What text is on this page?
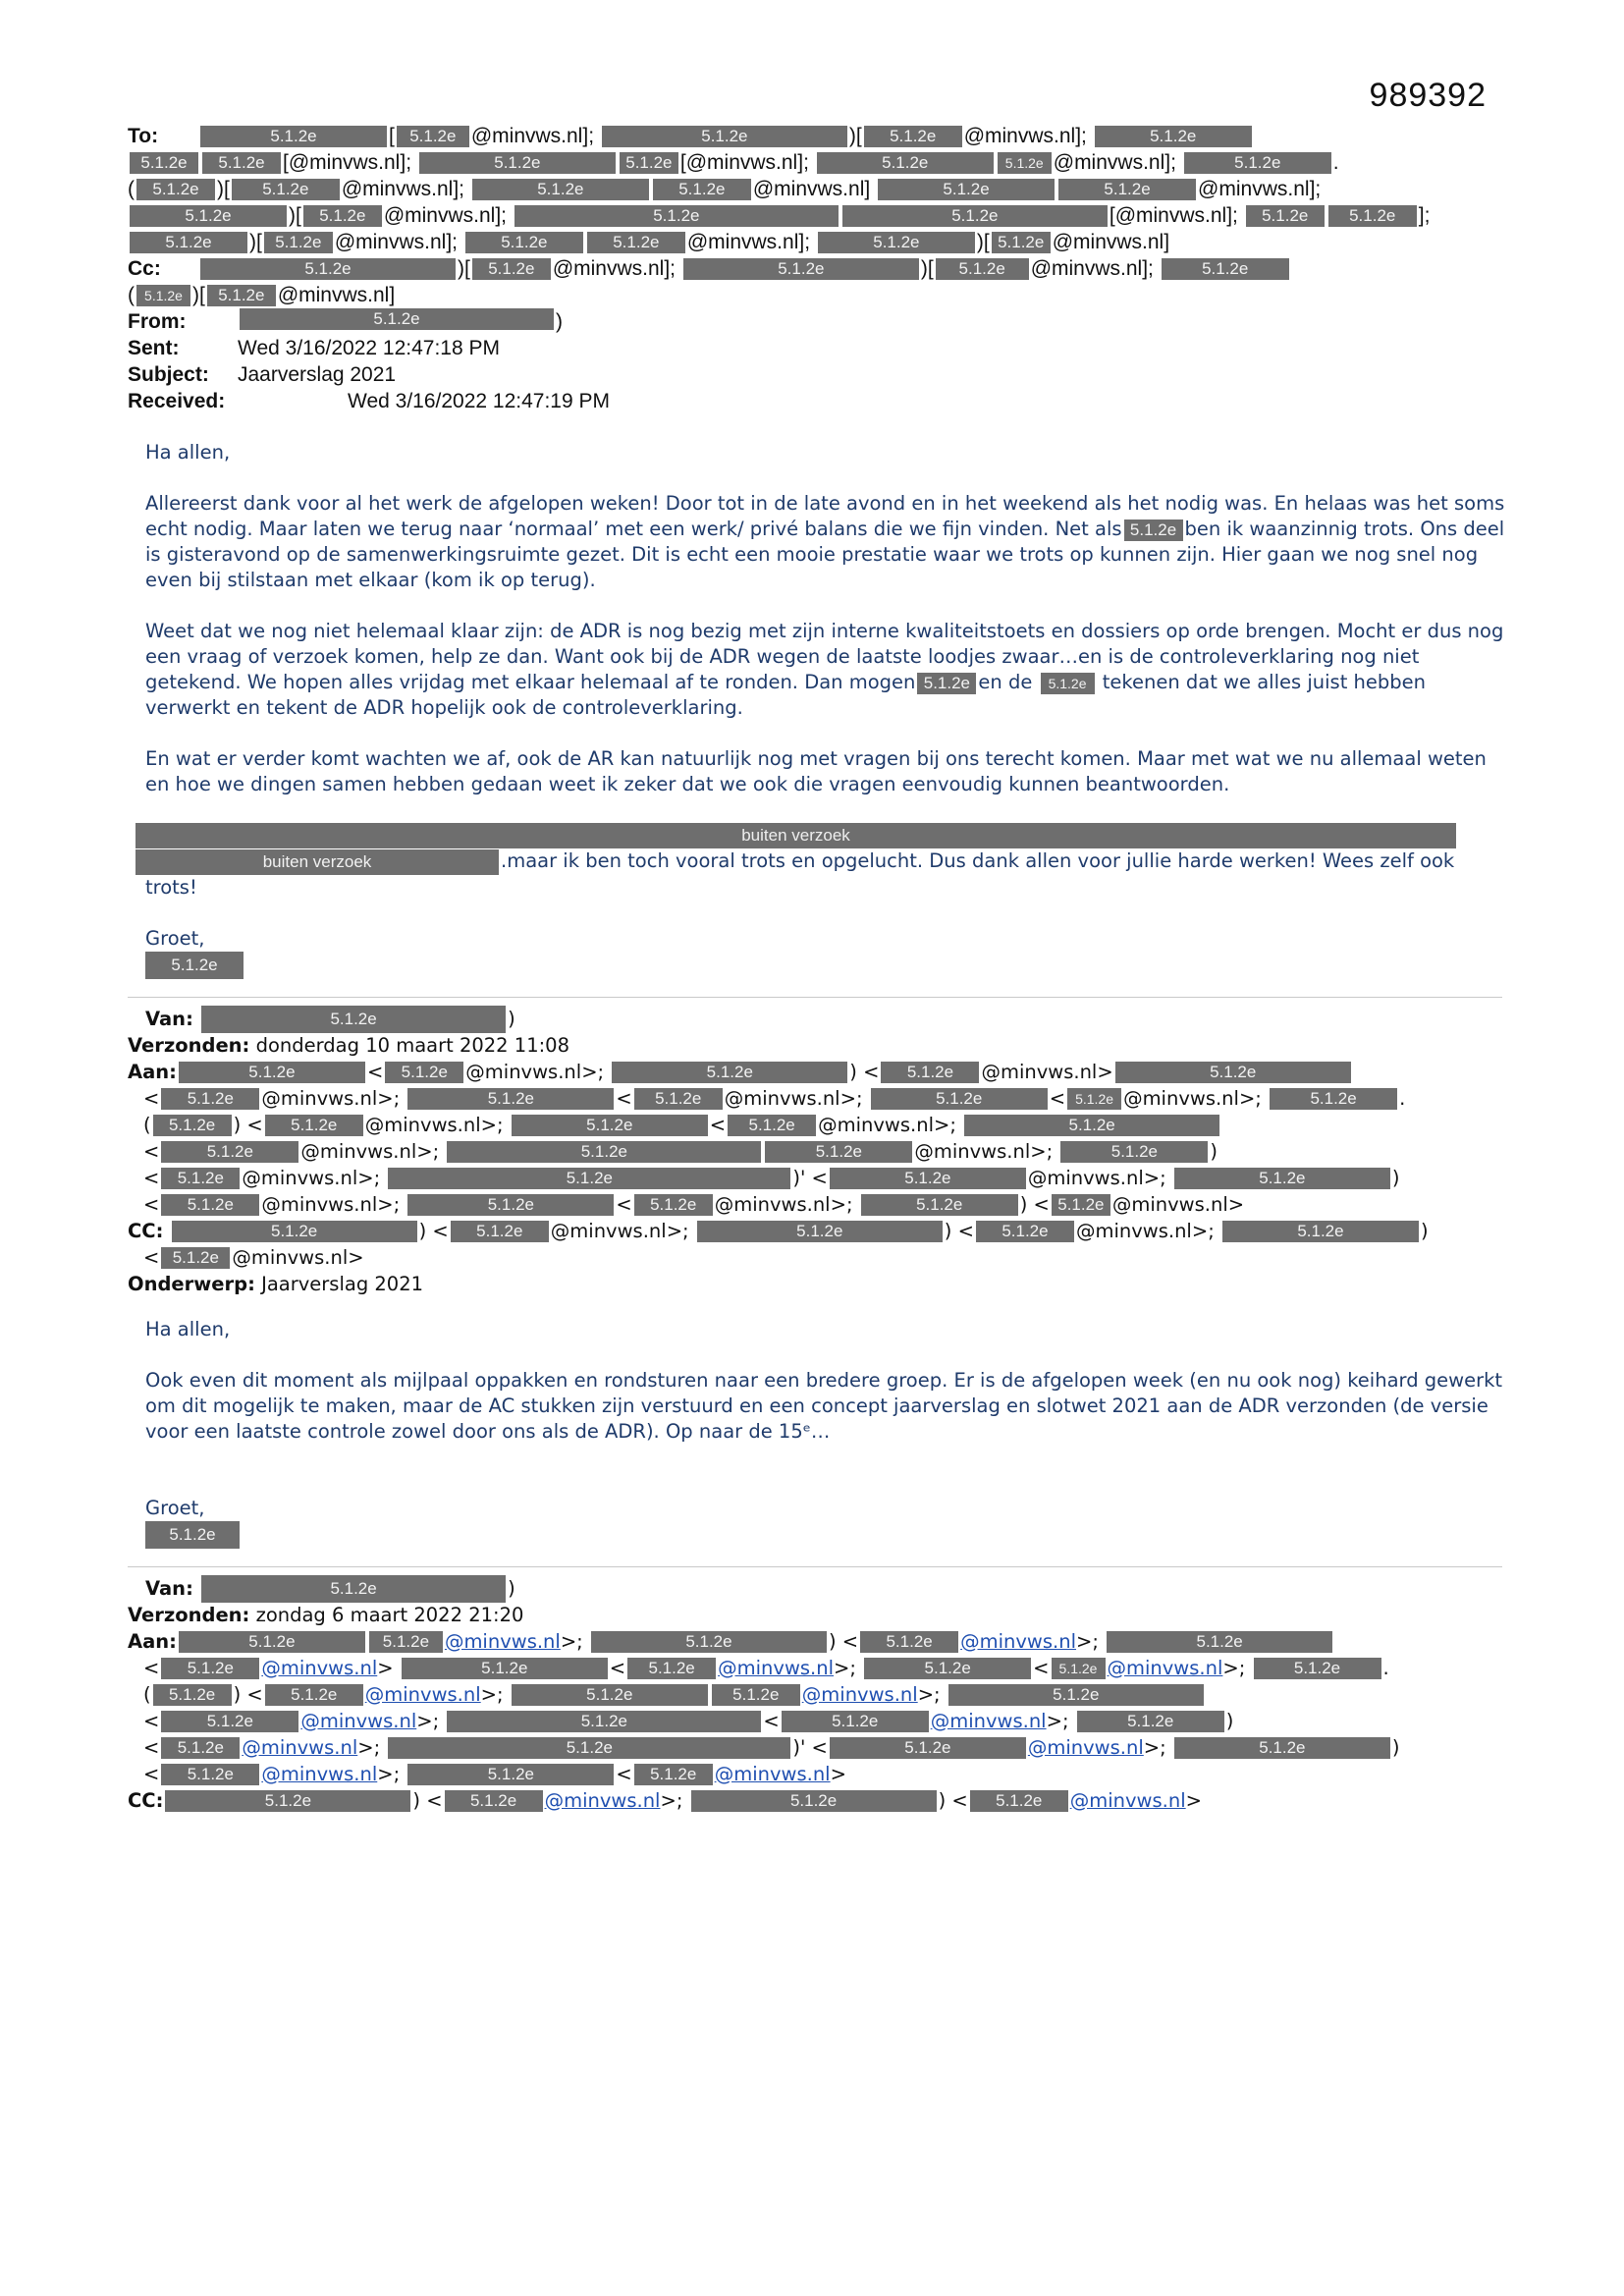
989392
To:	5.1.2e	[ 5.1.2e @minvws.nl];	5.1.2e	)[ 5.1.2e @minvws.nl];	5.1.2e
5.1.2e 5.1.2e [@minvws.nl];	5.1.2e	5.1.2e [@minvws.nl];	5.1.2e	5.1.2e @minvws.nl];	5.1.2e	.
( 5.1.2e )[ 5.1.2e @minvws.nl];	5.1.2e	5.1.2e @minvws.nl]	5.1.2e	5.1.2e @minvws.nl];
5.1.2e	)[ 5.1.2e @minvws.nl];	5.1.2e	5.1.2e	[@minvws.nl]; 5.1.2e 5.1.2e ];
5.1.2e )[ 5.1.2e @minvws.nl]; 5.1.2e	5.1.2e @minvws.nl];	5.1.2e	)[ 5.1.2e @minvws.nl]
Cc:	5.1.2e	)[ 5.1.2e @minvws.nl];	5.1.2e	)[ 5.1.2e @minvws.nl];	5.1.2e
( 5.1.2e )[ 5.1.2e @minvws.nl]
From:	5.1.2e	)
Sent:	Wed 3/16/2022 12:47:18 PM
Subject:	Jaarverslag 2021
Received:	Wed 3/16/2022 12:47:19 PM

Ha allen,

Allereerst dank voor al het werk de afgelopen weken! Door tot in de late avond en in het weekend als het nodig was. En helaas was het soms echt nodig. Maar laten we terug naar ‘normaal’ met een werk/ privé balans die we fijn vinden. Net als 5.1.2e ben ik waanzinnig trots. Ons deel is gisteravond op de samenwerkingsruimte gezet. Dit is echt een mooie prestatie waar we trots op kunnen zijn. Hier gaan we nog snel nog even bij stilstaan met elkaar (kom ik op terug).

Weet dat we nog niet helemaal klaar zijn: de ADR is nog bezig met zijn interne kwaliteitstoets en dossiers op orde brengen. Mocht er dus nog een vraag of verzoek komen, help ze dan. Want ook bij de ADR wegen de laatste loodjes zwaar…en is de controleverklaring nog niet getekend. We hopen alles vrijdag met elkaar helemaal af te ronden. Dan mogen 5.1.2e en de 5.1.2e tekenen dat we alles juist hebben verwerkt en tekent de ADR hopelijk ook de controleverklaring.

En wat er verder komt wachten we af, ook de AR kan natuurlijk nog met vragen bij ons terecht komen. Maar met wat we nu allemaal weten en hoe we dingen samen hebben gedaan weet ik zeker dat we ook die vragen eenvoudig kunnen beantwoorden.

buiten verzoek
buiten verzoek	.maar ik ben toch vooral trots en opgelucht. Dus dank allen voor jullie harde werken! Wees zelf ook trots!
Groet,
5.1.2e
Van:	5.1.2e	)
Verzonden: donderdag 10 maart 2022 11:08
Aan:	5.1.2e	< 5.1.2e @minvws.nl>;	5.1.2e	) < 5.1.2e @minvws.nl>	5.1.2e
< 5.1.2e @minvws.nl>;	5.1.2e	< 5.1.2e @minvws.nl>;	5.1.2e	< 5.1.2e @minvws.nl>;	5.1.2e .
( 5.1.2e ) < 5.1.2e @minvws.nl>;	5.1.2e	< 5.1.2e @minvws.nl>;	5.1.2e
<	5.1.2e @minvws.nl>;	5.1.2e	5.1.2e	@minvws.nl>;	5.1.2e	)
< 5.1.2e @minvws.nl>;	5.1.2e	)' <	5.1.2e	@minvws.nl>;	5.1.2e	)
< 5.1.2e @minvws.nl>;	5.1.2e	< 5.1.2e @minvws.nl>;	5.1.2e	) < 5.1.2e @minvws.nl>
CC:	5.1.2e	) < 5.1.2e @minvws.nl>;	5.1.2e	) < 5.1.2e @minvws.nl>;	5.1.2e	)
< 5.1.2e @minvws.nl>
Onderwerp: Jaarverslag 2021

Ha allen,

Ook even dit moment als mijlpaal oppakken en rondsturen naar een bredere groep. Er is de afgelopen week (en nu ook nog) keihard gewerkt om dit mogelijk te maken, maar de AC stukken zijn verstuurd en een concept jaarverslag en slotwet 2021 aan de ADR verzonden (de versie voor een laatste controle zowel door ons als de ADR). Op naar de 15ᵉ…

Groet,
5.1.2e
Van:	5.1.2e	)
Verzonden: zondag 6 maart 2022 21:20
Aan:	5.1.2e	5.1.2e @minvws.nl>;	5.1.2e	) < 5.1.2e @minvws.nl>;	5.1.2e
< 5.1.2e @minvws.nl>	5.1.2e	< 5.1.2e @minvws.nl>;	5.1.2e	< 5.1.2e @minvws.nl>;	5.1.2e .
( 5.1.2e ) < 5.1.2e @minvws.nl>;	5.1.2e	5.1.2e @minvws.nl>;	5.1.2e
<	5.1.2e @minvws.nl>;	5.1.2e	<	5.1.2e	@minvws.nl>;	5.1.2e	)
< 5.1.2e @minvws.nl>;	5.1.2e	)' <	5.1.2e	@minvws.nl>;	5.1.2e	)
< 5.1.2e @minvws.nl>;	5.1.2e	< 5.1.2e @minvws.nl>
CC:	5.1.2e	) < 5.1.2e @minvws.nl>;	5.1.2e	) < 5.1.2e @minvws.nl>
